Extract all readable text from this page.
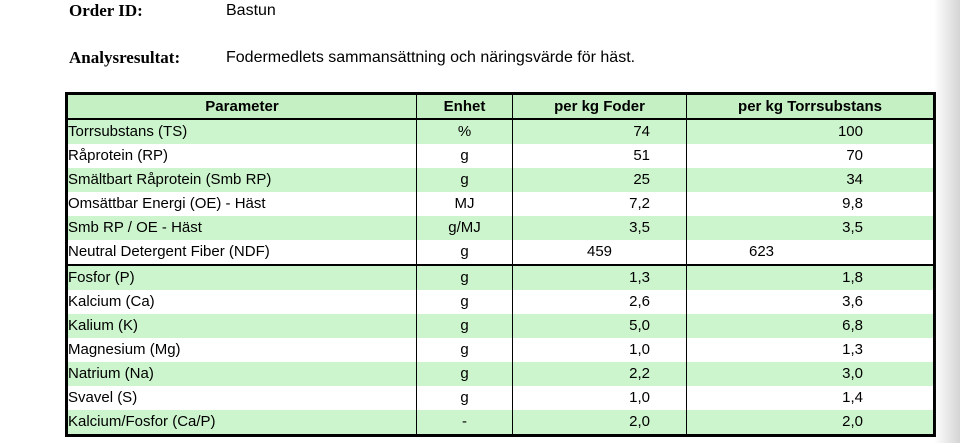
Order ID:	Bastun
Analysresultat:	Fodermedlets sammansättning och näringsvärde för häst.
Parameter	Enhet	per kg Foder	per kg Torrsubstans
Torrsubstans (TS)	%	74	100
Råprotein (RP)	g	51	70
Smältbart Råprotein (Smb RP)	g	25	34
Omsättbar Energi (OE) - Häst	MJ	7,2	9,8
Smb RP / OE - Häst	g/MJ	3,5	3,5
Neutral Detergent Fiber (NDF)	g	459	623
Fosfor (P)	g	1,3	1,8
Kalcium (Ca)	g	2,6	3,6
Kalium (K)	g	5,0	6,8
Magnesium (Mg)	g	1,0	1,3
Natrium (Na)	g	2,2	3,0
Svavel (S)	g	1,0	1,4
Kalcium/Fosfor (Ca/P)	-	2,0	2,0
